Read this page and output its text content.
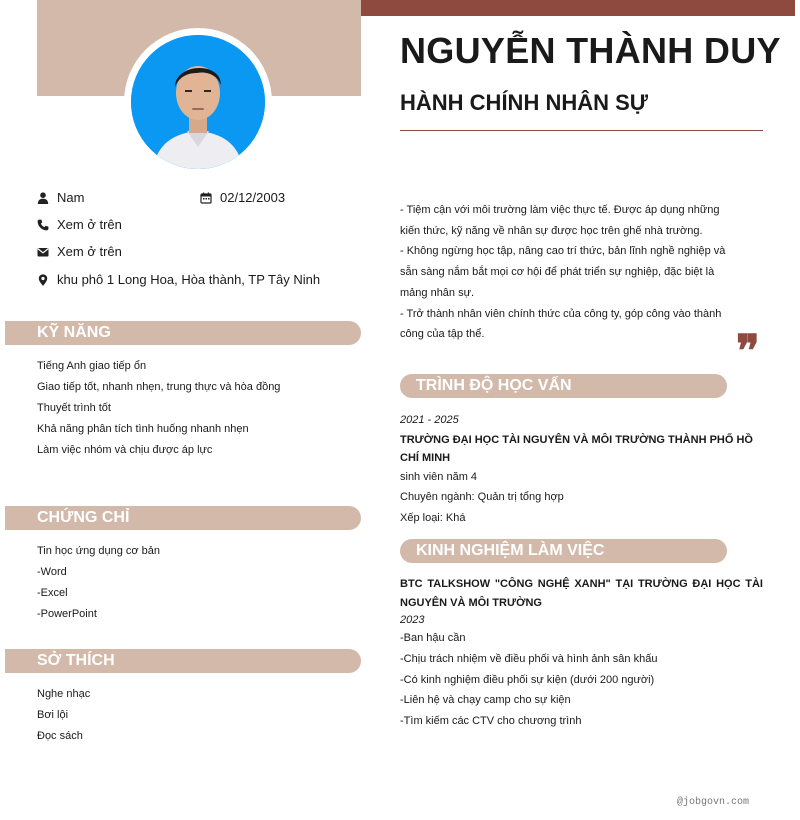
NGUYỄN THÀNH DUY
HÀNH CHÍNH NHÂN SỰ
Nam	02/12/2003
Xem ở trên
Xem ở trên
khu phô 1 Long Hoa, Hòa thành, TP Tây Ninh
KỸ NĂNG
Tiếng Anh giao tiếp ổn
Giao tiếp tốt, nhanh nhẹn, trung thực và hòa đồng
Thuyết trình tốt
Khả năng phân tích tình huống nhanh nhẹn
Làm việc nhóm và chịu được áp lực
CHỨNG CHỈ
Tin học ứng dụng cơ bản
-Word
-Excel
-PowerPoint
SỞ THÍCH
Nghe nhạc
Bơi lội
Đọc sách
- Tiệm cận với môi trường làm việc thực tế. Được áp dụng những
kiến thức, kỹ năng về nhân sự được học trên ghế nhà trường.
- Không ngừng học tập, nâng cao trí thức, bản lĩnh nghề nghiệp và
sẵn sàng nắm bắt mọi cơ hội để phát triển sự nghiệp, đặc biệt là
mảng nhân sự.
- Trở thành nhân viên chính thức của công ty, góp công vào thành
công của tập thể.	❞
TRÌNH ĐỘ HỌC VẤN
2021 - 2025
TRƯỜNG ĐẠI HỌC TÀI NGUYÊN VÀ MÔI TRƯỜNG THÀNH PHỐ HỒ CHÍ MINH
sinh viên năm 4
Chuyên ngành: Quản trị tổng hợp
Xếp loại: Khá
KINH NGHIỆM LÀM VIỆC
BTC TALKSHOW "CÔNG NGHỆ XANH" TẠI TRƯỜNG ĐẠI HỌC TÀI NGUYÊN VÀ MÔI TRƯỜNG
2023
-Ban hậu cần
-Chịu trách nhiệm về điều phối và hình ảnh sân khấu
-Có kinh nghiệm điều phối sự kiện (dưới 200 người)
-Liên hệ và chạy camp cho sự kiện
-Tìm kiếm các CTV cho chương trình
@jobgovn.com
